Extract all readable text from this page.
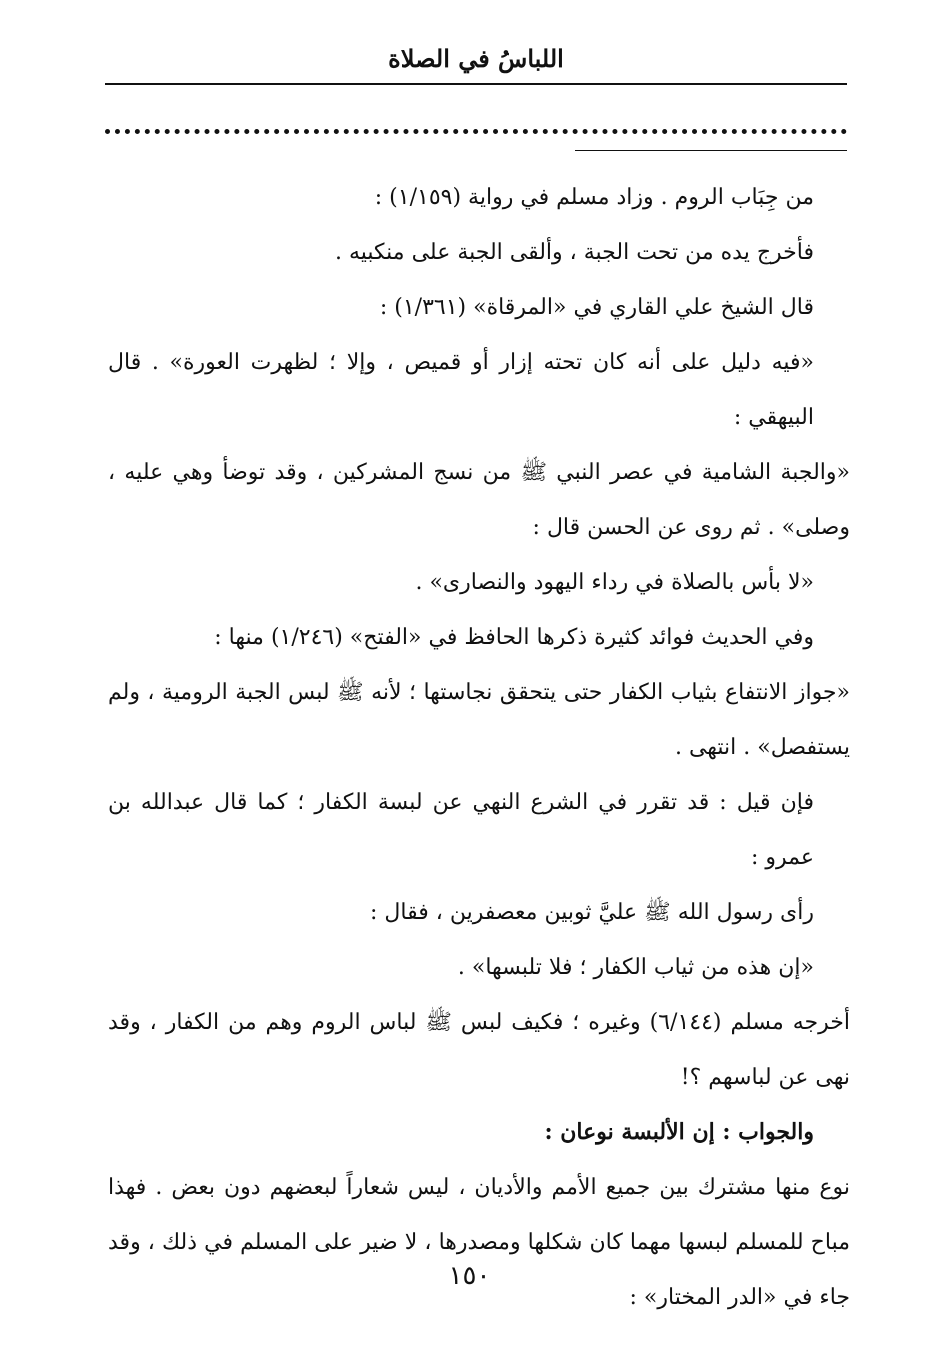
اللباسُ في الصلاة

من جِبَاب الروم . وزاد مسلم في رواية (١/١٥٩) :

فأخرج يده من تحت الجبة ، وألقى الجبة على منكبيه .

قال الشيخ علي القاري في «المرقاة» (١/٣٦١) :

«فيه دليل على أنه كان تحته إزار أو قميص ، وإلا ؛ لظهرت العورة» . قال البيهقي :

«والجبة الشامية في عصر النبي ﷺ من نسج المشركين ، وقد توضأ وهي عليه ، وصلى» . ثم روى عن الحسن قال :

«لا بأس بالصلاة في رداء اليهود والنصارى» .

وفي الحديث فوائد كثيرة ذكرها الحافظ في «الفتح» (١/٢٤٦) منها :

«جواز الانتفاع بثياب الكفار حتى يتحقق نجاستها ؛ لأنه ﷺ لبس الجبة الرومية ، ولم يستفصل» . انتهى .

فإن قيل : قد تقرر في الشرع النهي عن لبسة الكفار ؛ كما قال عبدالله بن عمرو :

رأى رسول الله ﷺ عليَّ ثوبين معصفرين ، فقال :

«إن هذه من ثياب الكفار ؛ فلا تلبسها» .

أخرجه مسلم (٦/١٤٤) وغيره ؛ فكيف لبس ﷺ لباس الروم وهم من الكفار ، وقد نهى عن لباسهم ؟!

والجواب : إن الألبسة نوعان :

نوع منها مشترك بين جميع الأمم والأديان ، ليس شعاراً لبعضهم دون بعض . فهذا مباح للمسلم لبسها مهما كان شكلها ومصدرها ، لا ضير على المسلم في ذلك ، وقد جاء في «الدر المختار» :

١٥٠
